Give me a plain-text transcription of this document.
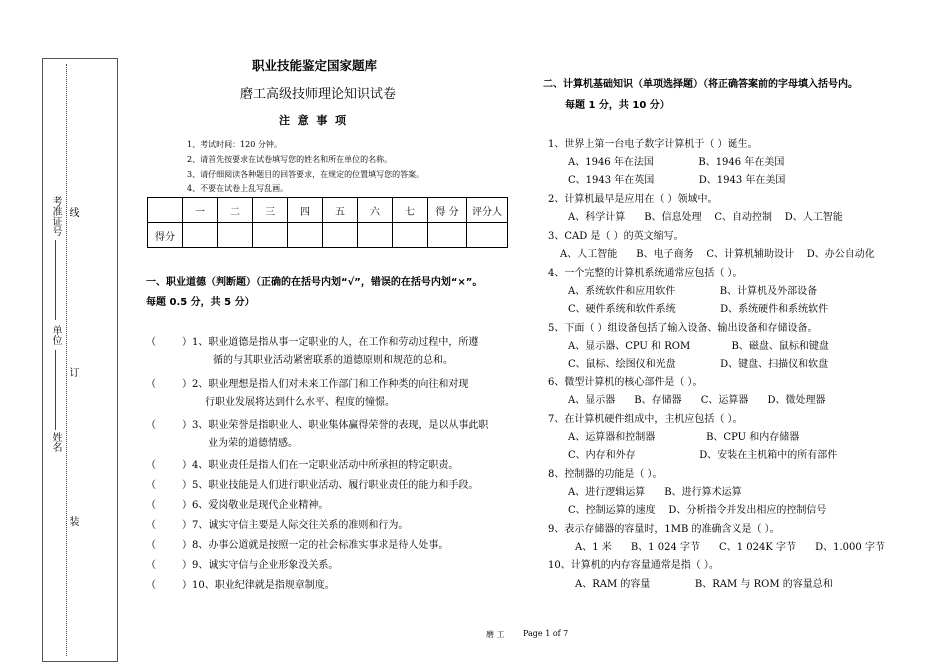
考准证号
单位
姓名
线
订
装
职业技能鉴定国家题库
磨工高级技师理论知识试卷
注  意  事  项
1、考试时间：120 分钟。
2、请首先按要求在试卷填写您的姓名和所在单位的名称。
3、请仔细阅读各种题目的回答要求，在规定的位置填写您的答案。
4、不要在试卷上乱写乱画。
	一	二	三	四	五	六	七	得 分	评分人
得分									
一、职业道德（判断题）（正确的在括号内划“√”，错误的在括号内划“×”。
每题 0.5 分，共 5 分）
（	）1、职业道德是指从事一定职业的人，在工作和劳动过程中，所遵
循的与其职业活动紧密联系的道德原则和规范的总和。
（	）2、职业理想是指人们对未来工作部门和工作种类的向往和对现
行职业发展将达到什么水平、程度的憧憬。
（	）3、职业荣誉是指职业人、职业集体赢得荣誉的表现，是以从事此职
业为荣的道德情感。
（	）4、职业责任是指人们在一定职业活动中所承担的特定职责。
（	）5、职业技能是人们进行职业活动、履行职业责任的能力和手段。
（	）6、爱岗敬业是现代企业精神。
（	）7、诚实守信主要是人际交往关系的准则和行为。
（	）8、办事公道就是按照一定的社会标准实事求是待人处事。
（	）9、诚实守信与企业形象没关系。
（	）10、职业纪律就是指规章制度。
二、计算机基础知识（单项选择题）（将正确答案前的字母填入括号内。
每题 1 分，共 10 分）
1、世界上第一台电子数字计算机于（ ）诞生。
A、1946 年在法国              B、1946 年在美国
C、1943 年在英国              D、1943 年在美国
2、计算机最早是应用在（ ）领域中。
A、科学计算      B、信息处理    C、自动控制    D、人工智能
3、CAD 是（ ）的英文缩写。
A、人工智能      B、电子商务    C、计算机辅助设计    D、办公自动化
4、一个完整的计算机系统通常应包括（ ）。
A、系统软件和应用软件              B、计算机及外部设备
C、硬件系统和软件系统              D、系统硬件和系统软件
5、下面（ ）组设备包括了输入设备、输出设备和存储设备。
A、显示器、CPU 和 ROM             B、磁盘、鼠标和键盘
C、鼠标、绘图仪和光盘              D、键盘、扫描仪和软盘
6、微型计算机的核心部件是（ ）。
A、显示器      B、存储器      C、运算器      D、微处理器
7、在计算机硬件组成中，主机应包括（ ）。
A、运算器和控制器                B、CPU 和内存储器
C、内存和外存                    D、安装在主机箱中的所有部件
8、控制器的功能是（ ）。
A、进行逻辑运算      B、进行算术运算
C、控制运算的速度    D、分析指令并发出相应的控制信号
9、表示存储器的容量时，1MB 的准确含义是（ ）。
A、1 米      B、1 024 字节      C、1 024K 字节      D、1.000 字节
10、计算机的内存容量通常是指（ ）。
A、RAM 的容量              B、RAM 与 ROM 的容量总和
磨 工 Page 1 of 7
